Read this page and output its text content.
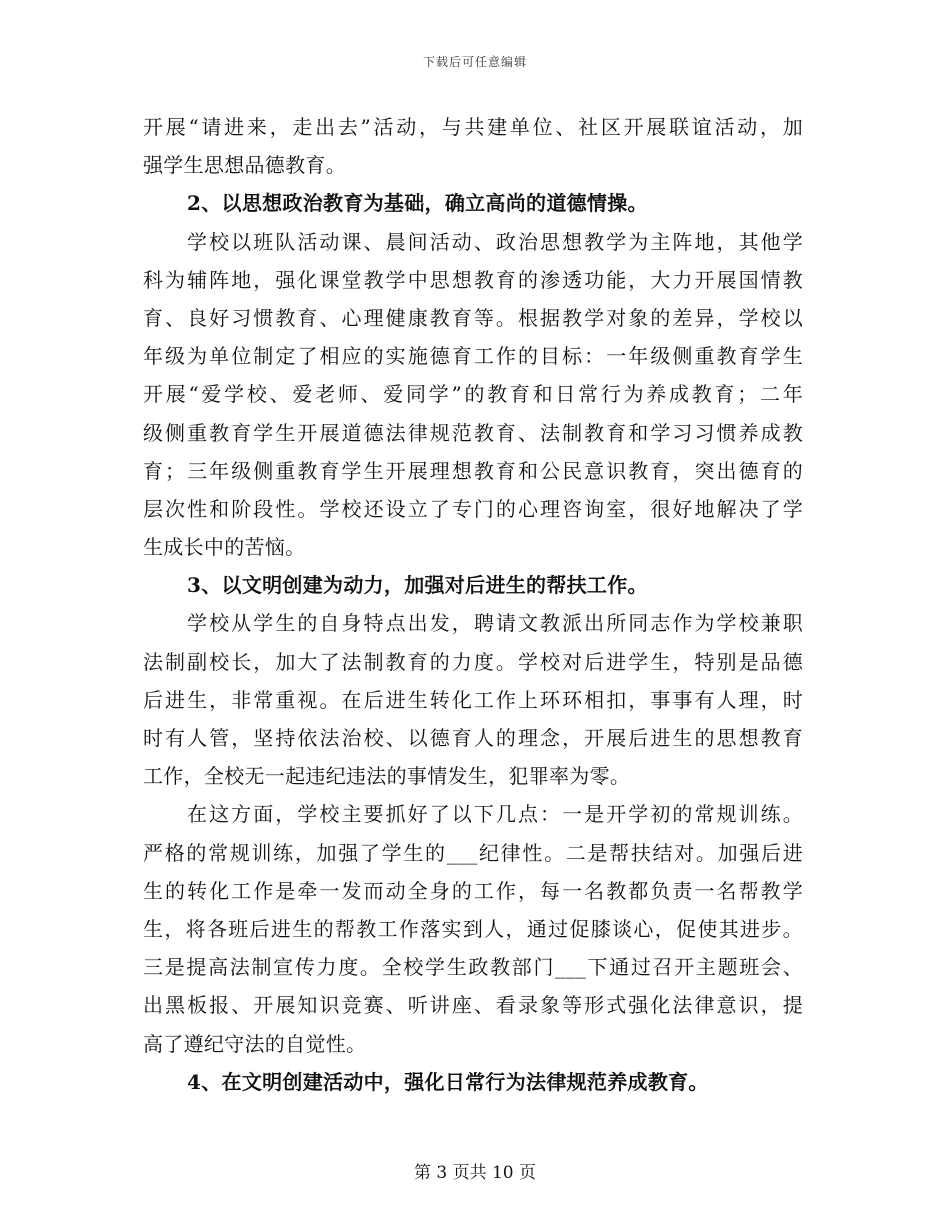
下载后可任意编辑
开展“请进来，走出去”活动，与共建单位、社区开展联谊活动，加
强学生思想品德教育。
2、以思想政治教育为基础，确立高尚的道德情操。
学校以班队活动课、晨间活动、政治思想教学为主阵地，其他学
科为辅阵地，强化课堂教学中思想教育的渗透功能，大力开展国情教
育、良好习惯教育、心理健康教育等。根据教学对象的差异，学校以
年级为单位制定了相应的实施德育工作的目标：一年级侧重教育学生
开展“爱学校、爱老师、爱同学”的教育和日常行为养成教育；二年
级侧重教育学生开展道德法律规范教育、法制教育和学习习惯养成教
育；三年级侧重教育学生开展理想教育和公民意识教育，突出德育的
层次性和阶段性。学校还设立了专门的心理咨询室，很好地解决了学
生成长中的苦恼。
3、以文明创建为动力，加强对后进生的帮扶工作。
学校从学生的自身特点出发，聘请文教派出所同志作为学校兼职
法制副校长，加大了法制教育的力度。学校对后进学生，特别是品德
后进生，非常重视。在后进生转化工作上环环相扣，事事有人理，时
时有人管，坚持依法治校、以德育人的理念，开展后进生的思想教育
工作，全校无一起违纪违法的事情发生，犯罪率为零。
在这方面，学校主要抓好了以下几点：一是开学初的常规训练。
严格的常规训练，加强了学生的___纪律性。二是帮扶结对。加强后进
生的转化工作是牵一发而动全身的工作，每一名教都负责一名帮教学
生，将各班后进生的帮教工作落实到人，通过促膝谈心，促使其进步。
三是提高法制宣传力度。全校学生政教部门___下通过召开主题班会、
出黑板报、开展知识竞赛、听讲座、看录象等形式强化法律意识，提
高了遵纪守法的自觉性。
4、在文明创建活动中，强化日常行为法律规范养成教育。
第 3 页共 10 页
